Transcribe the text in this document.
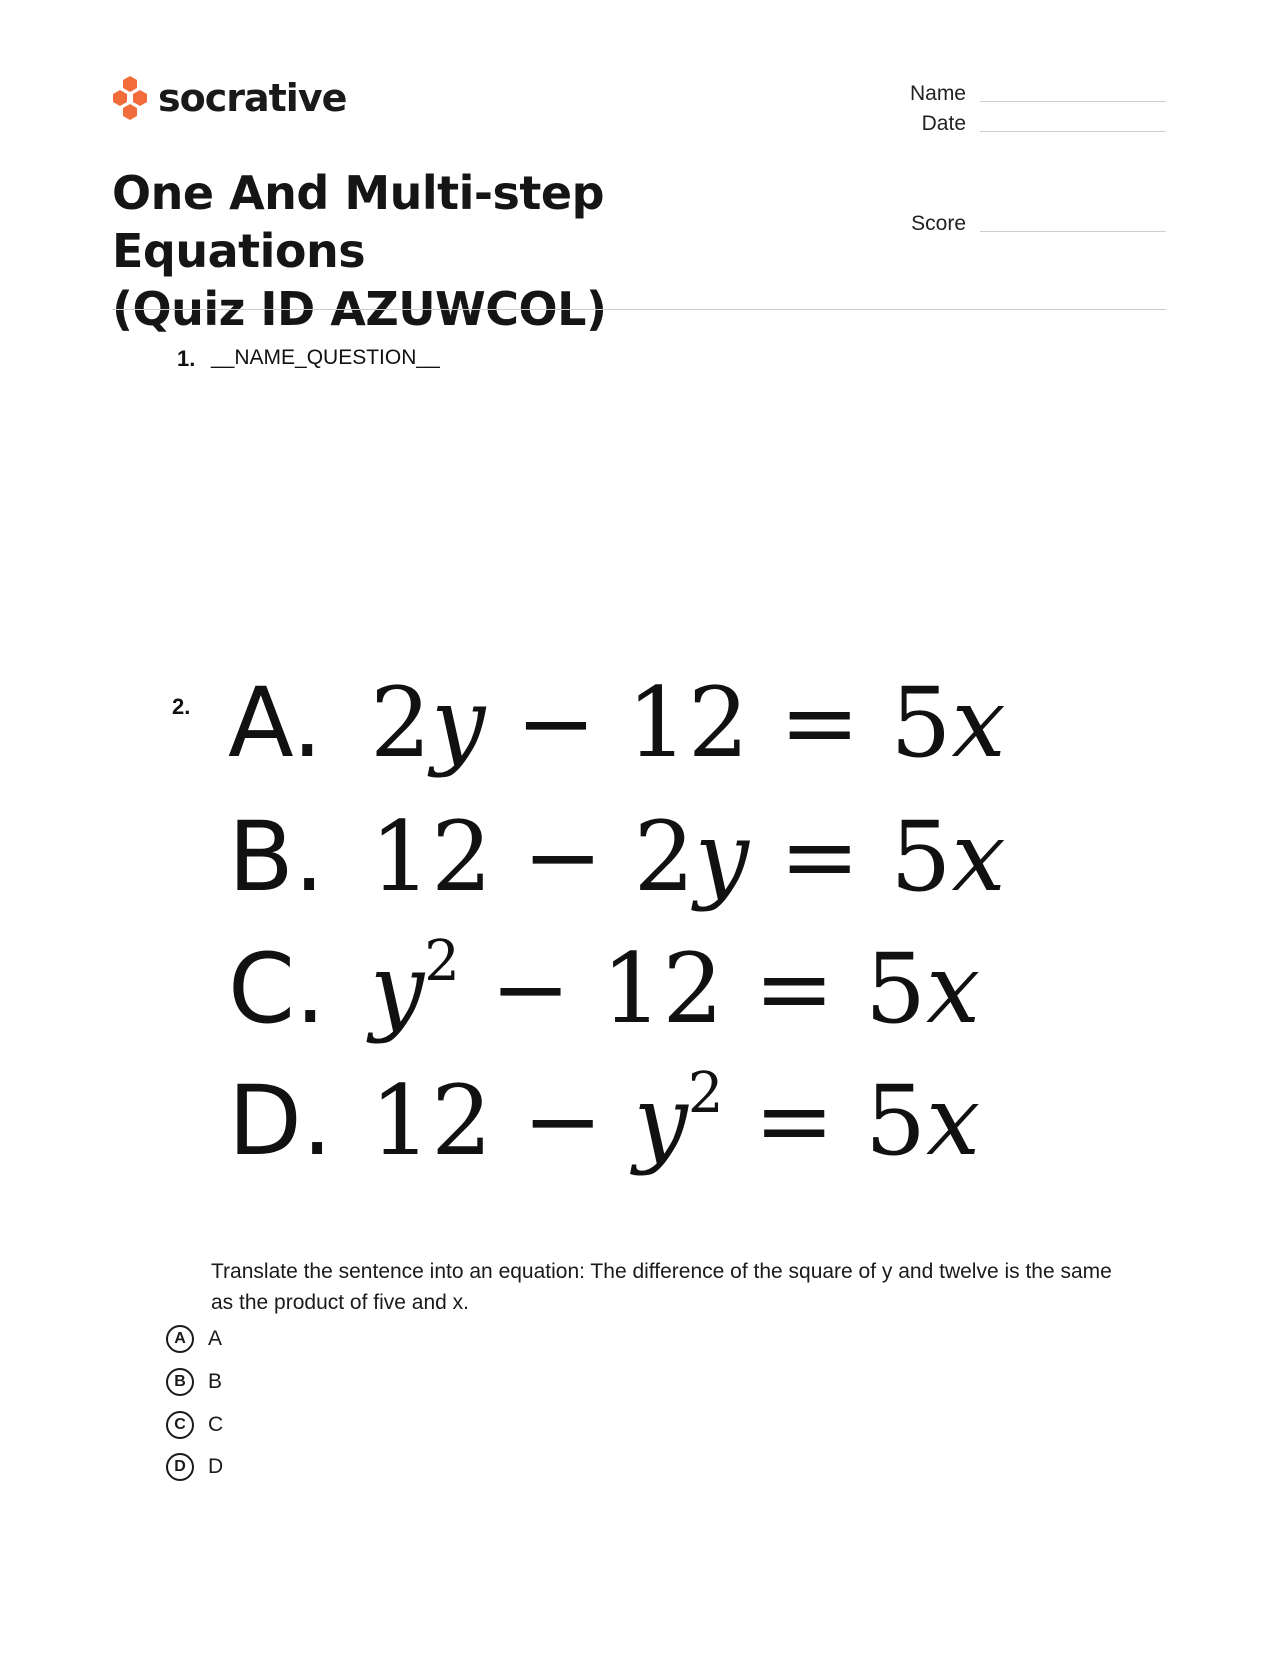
socrative	Name
Date
Score
One And Multi-step Equations
(Quiz ID AZUWCOL)
1. __NAME_QUESTION__
2. A. 2y − 12 = 5x
B. 12 − 2y = 5x
C. $y^2 - 12 = 5x$
D. $12 - y^2 = 5x$
Translate the sentence into an equation: The difference of the square of y and twelve is the same as the product of five and x.
A	A
B	B
C	C
D	D
